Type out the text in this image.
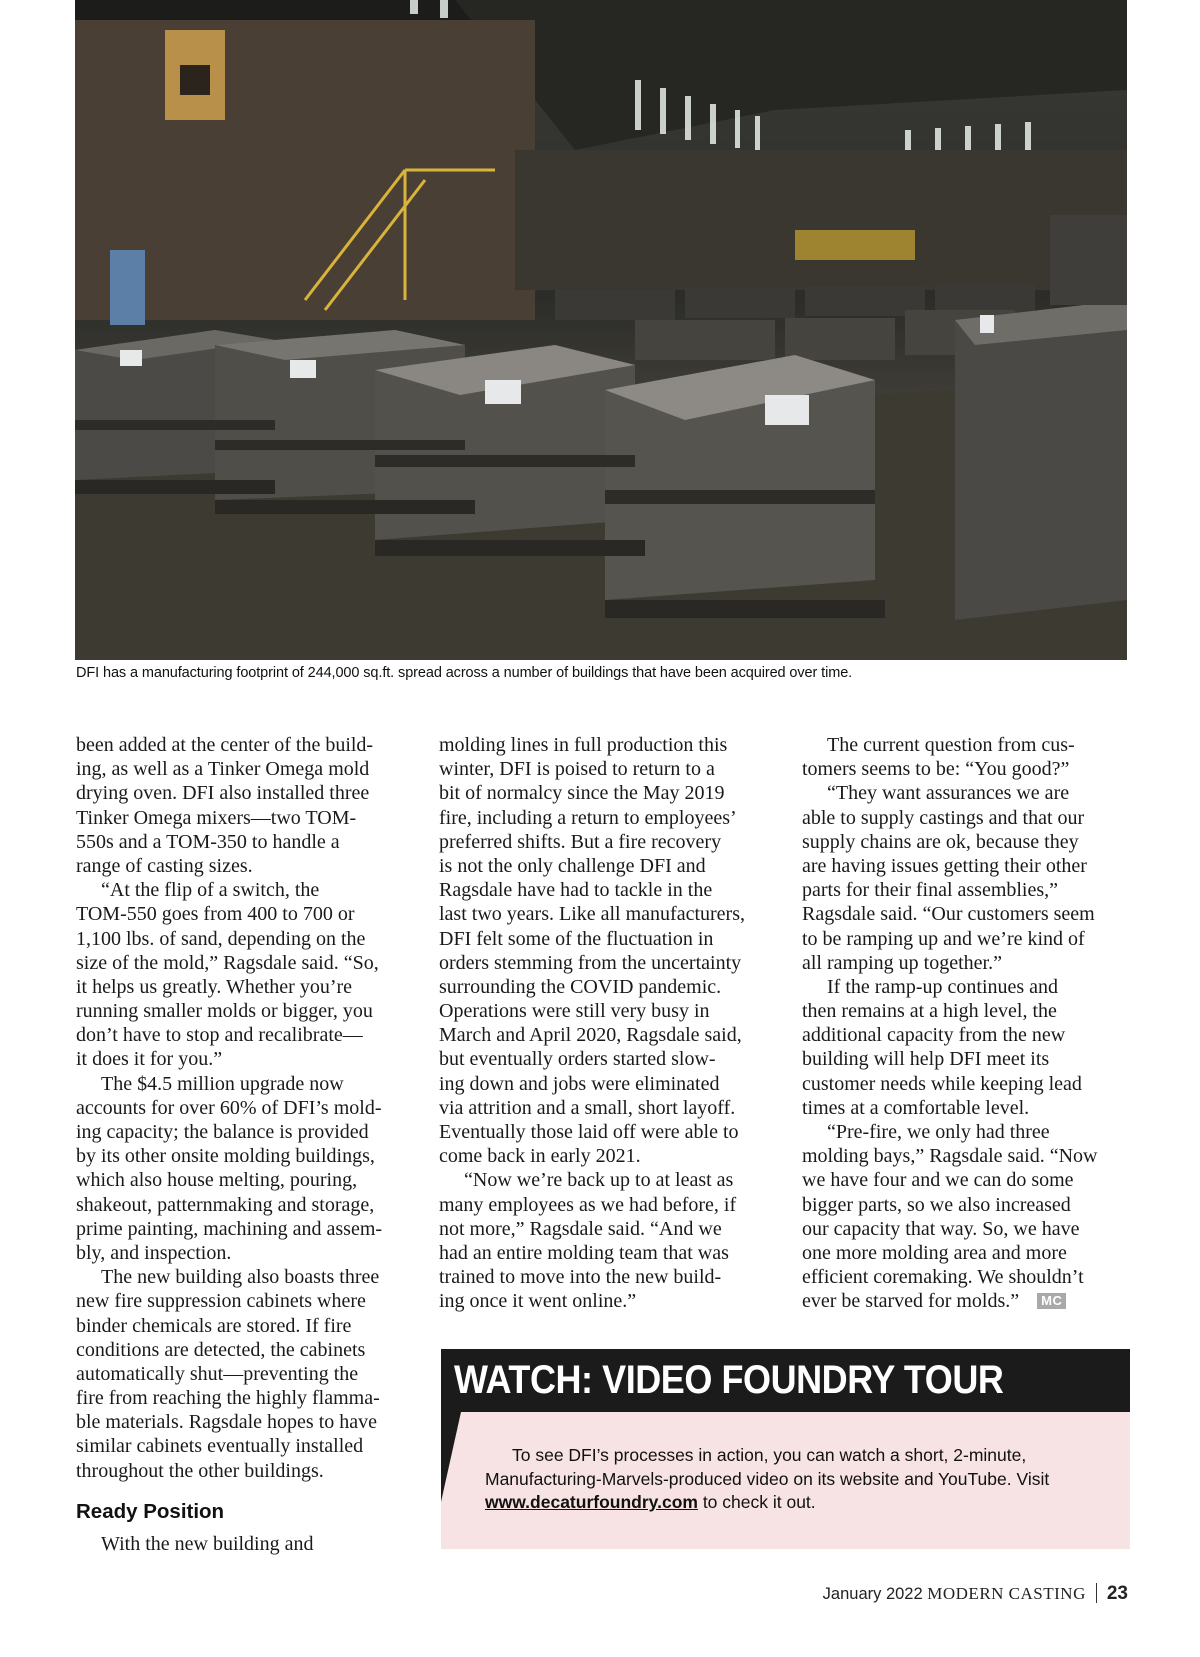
DFI has a manufacturing footprint of 244,000 sq.ft. spread across a number of buildings that have been acquired over time.
been added at the center of the build-
ing, as well as a Tinker Omega mold
drying oven. DFI also installed three
Tinker Omega mixers—two TOM-
550s and a TOM-350 to handle a
range of casting sizes.
“At the flip of a switch, the
TOM-550 goes from 400 to 700 or
1,100 lbs. of sand, depending on the
size of the mold,” Ragsdale said. “So,
it helps us greatly. Whether you’re
running smaller molds or bigger, you
don’t have to stop and recalibrate—
it does it for you.”
The $4.5 million upgrade now
accounts for over 60% of DFI’s mold-
ing capacity; the balance is provided
by its other onsite molding buildings,
which also house melting, pouring,
shakeout, patternmaking and storage,
prime painting, machining and assem-
bly, and inspection.
The new building also boasts three
new fire suppression cabinets where
binder chemicals are stored. If fire
conditions are detected, the cabinets
automatically shut—preventing the
fire from reaching the highly flamma-
ble materials. Ragsdale hopes to have
similar cabinets eventually installed
throughout the other buildings.
Ready Position
With the new building and
molding lines in full production this
winter, DFI is poised to return to a
bit of normalcy since the May 2019
fire, including a return to employees’
preferred shifts. But a fire recovery
is not the only challenge DFI and
Ragsdale have had to tackle in the
last two years. Like all manufacturers,
DFI felt some of the fluctuation in
orders stemming from the uncertainty
surrounding the COVID pandemic.
Operations were still very busy in
March and April 2020, Ragsdale said,
but eventually orders started slow-
ing down and jobs were eliminated
via attrition and a small, short layoff.
Eventually those laid off were able to
come back in early 2021.
“Now we’re back up to at least as
many employees as we had before, if
not more,” Ragsdale said. “And we
had an entire molding team that was
trained to move into the new build-
ing once it went online.”
The current question from cus-
tomers seems to be: “You good?”
“They want assurances we are
able to supply castings and that our
supply chains are ok, because they
are having issues getting their other
parts for their final assemblies,”
Ragsdale said. “Our customers seem
to be ramping up and we’re kind of
all ramping up together.”
If the ramp-up continues and
then remains at a high level, the
additional capacity from the new
building will help DFI meet its
customer needs while keeping lead
times at a comfortable level.
“Pre-fire, we only had three
molding bays,” Ragsdale said. “Now
we have four and we can do some
bigger parts, so we also increased
our capacity that way. So, we have
one more molding area and more
efficient coremaking. We shouldn’t
ever be starved for molds.” MC
WATCH: VIDEO FOUNDRY TOUR
To see DFI’s processes in action, you can watch a short, 2-minute,
Manufacturing-Marvels-produced video on its website and YouTube. Visit
www.decaturfoundry.com to check it out.
January 2022 MODERN CASTING 23
